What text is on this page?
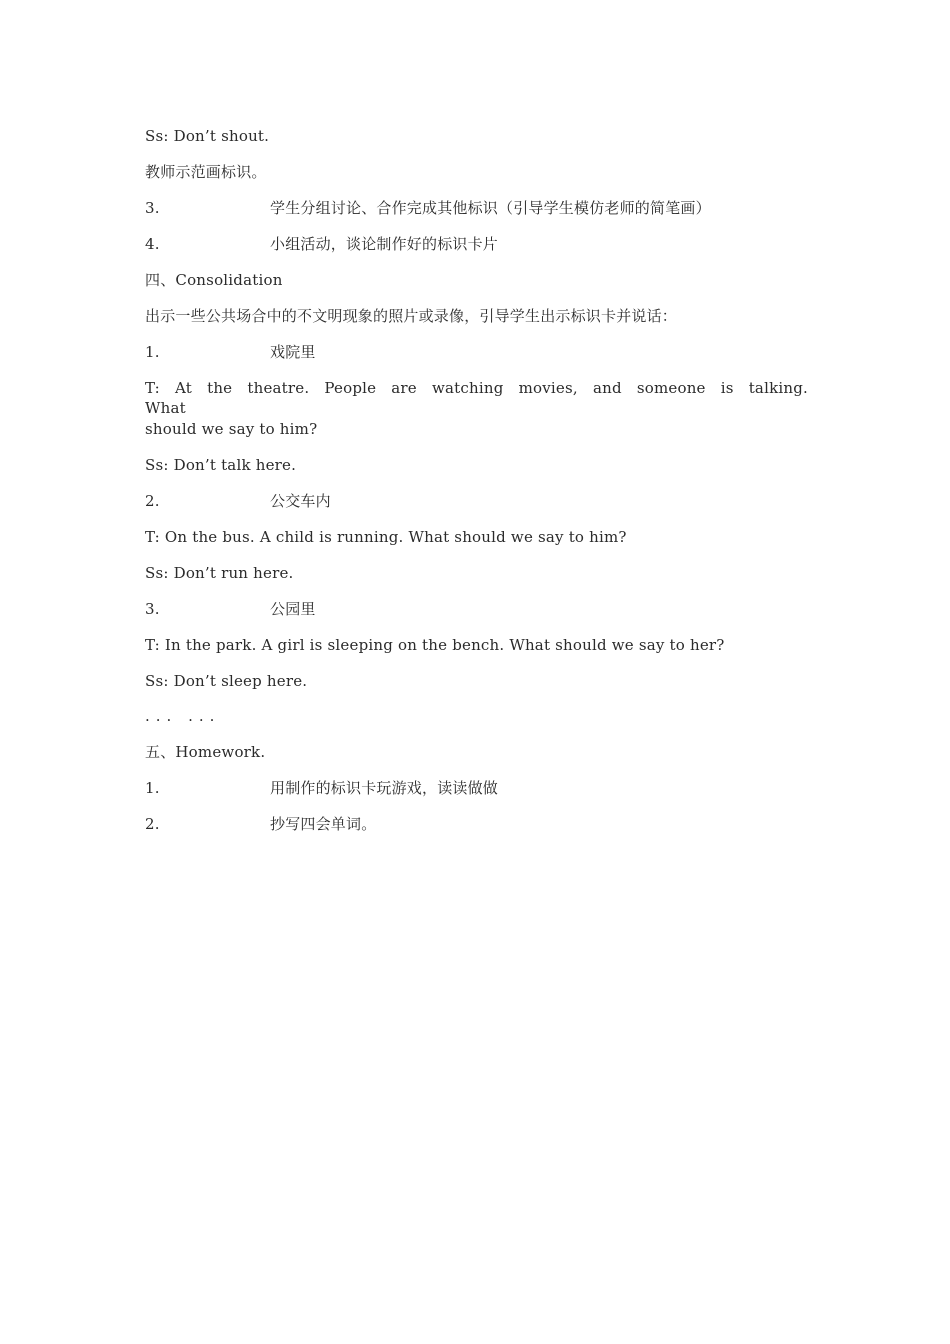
Ss: Don’t shout.
教师示范画标识。
3.	学生分组讨论、合作完成其他标识（引导学生模仿老师的简笔画）
4.	小组活动，谈论制作好的标识卡片
四、Consolidation
出示一些公共场合中的不文明现象的照片或录像，引导学生出示标识卡并说话：
1.	戏院里
T: At the theatre. People are watching movies, and someone is talking. What
should we say to him?
Ss: Don’t talk here.
2.	公交车内
T: On the bus. A child is running. What should we say to him?
Ss: Don’t run here.
3.	公园里
T: In the park. A girl is sleeping on the bench. What should we say to her?
Ss: Don’t sleep here.
... ...
五、Homework.
1.	用制作的标识卡玩游戏，读读做做
2.	抄写四会单词。
